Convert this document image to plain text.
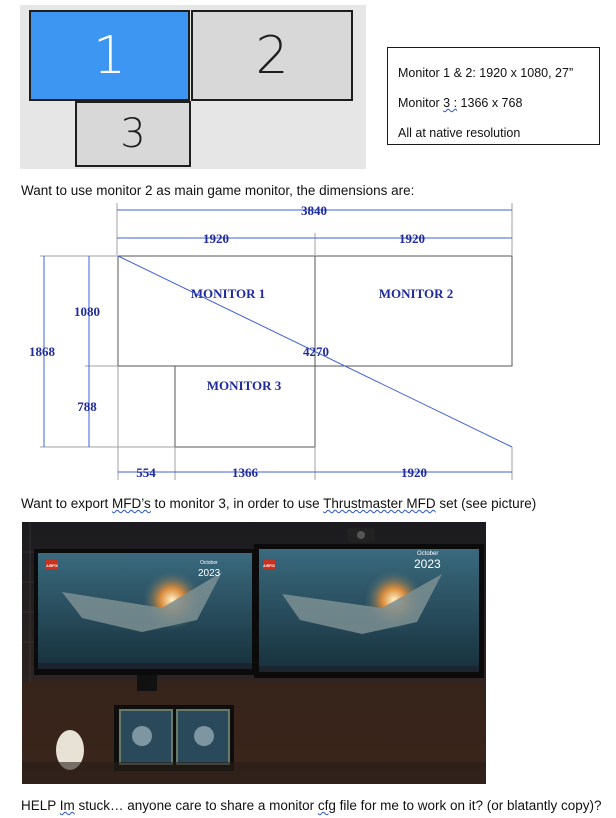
1 2
3
Monitor 1 & 2: 1920 x 1080, 27”
Monitor 3 : 1366 x 768
All at native resolution
Want to use monitor 2 as main game monitor, the dimensions are:
3840
1920	1920
MONITOR 1	MONITOR 2
MONITOR 3
4270
1080
1868
788
554	1366	1920
Want to export MFD’s to monitor 3, in order to use Thrustmaster MFD set (see picture)
AIRFIX	October
2023
AIRFIX
October
2023
HELP Im stuck… anyone care to share a monitor cfg file for me to work on it? (or blatantly copy)?
